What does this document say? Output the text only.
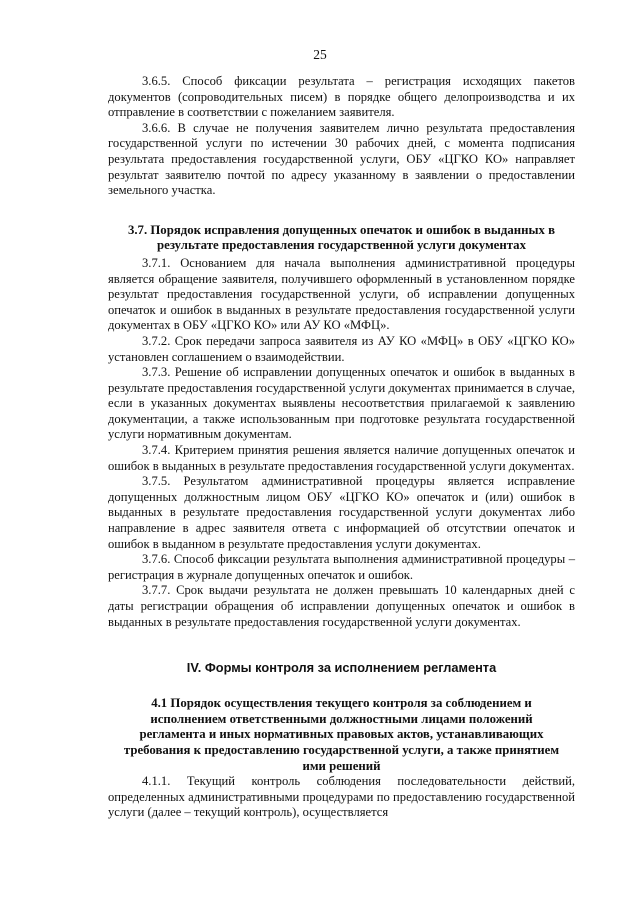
25

3.6.5. Способ фиксации результата – регистрация исходящих пакетов документов (сопроводительных писем) в порядке общего делопроизводства и их отправление в соответствии с пожеланием заявителя.

3.6.6. В случае не получения заявителем лично результата предоставления государственной услуги по истечении 30 рабочих дней, с момента подписания результата предоставления государственной услуги, ОБУ «ЦГКО КО» направляет результат заявителю почтой по адресу указанному в заявлении о предоставлении земельного участка.

3.7. Порядок исправления допущенных опечаток и ошибок в выданных в результате предоставления государственной услуги документах

3.7.1. Основанием для начала выполнения административной процедуры является обращение заявителя, получившего оформленный в установленном порядке результат предоставления государственной услуги, об исправлении допущенных опечаток и ошибок в выданных в результате предоставления государственной услуги документах в ОБУ «ЦГКО КО» или АУ КО «МФЦ».

3.7.2. Срок передачи запроса заявителя из АУ КО «МФЦ» в ОБУ «ЦГКО КО» установлен соглашением о взаимодействии.

3.7.3. Решение об исправлении допущенных опечаток и ошибок в выданных в результате предоставления государственной услуги документах принимается в случае, если в указанных документах выявлены несоответствия прилагаемой к заявлению документации, а также использованным при подготовке результата государственной услуги нормативным документам.

3.7.4. Критерием принятия решения является наличие допущенных опечаток и ошибок в выданных в результате предоставления государственной услуги документах.

3.7.5. Результатом административной процедуры является исправление допущенных должностным лицом ОБУ «ЦГКО КО» опечаток и (или) ошибок в выданных в результате предоставления государственной услуги документах либо направление в адрес заявителя ответа с информацией об отсутствии опечаток и ошибок в выданном в результате предоставления услуги документах.

3.7.6. Способ фиксации результата выполнения административной процедуры – регистрация в журнале допущенных опечаток и ошибок.

3.7.7. Срок выдачи результата не должен превышать 10 календарных дней с даты регистрации обращения об исправлении допущенных опечаток и ошибок в выданных в результате предоставления государственной услуги документах.

IV. Формы контроля за исполнением регламента
4.1 Порядок осуществления текущего контроля за соблюдением и исполнением ответственными должностными лицами положений регламента и иных нормативных правовых актов, устанавливающих требования к предоставлению государственной услуги, а также принятием ими решений

4.1.1. Текущий контроль соблюдения последовательности действий, определенных административными процедурами по предоставлению государственной услуги (далее – текущий контроль), осуществляется
